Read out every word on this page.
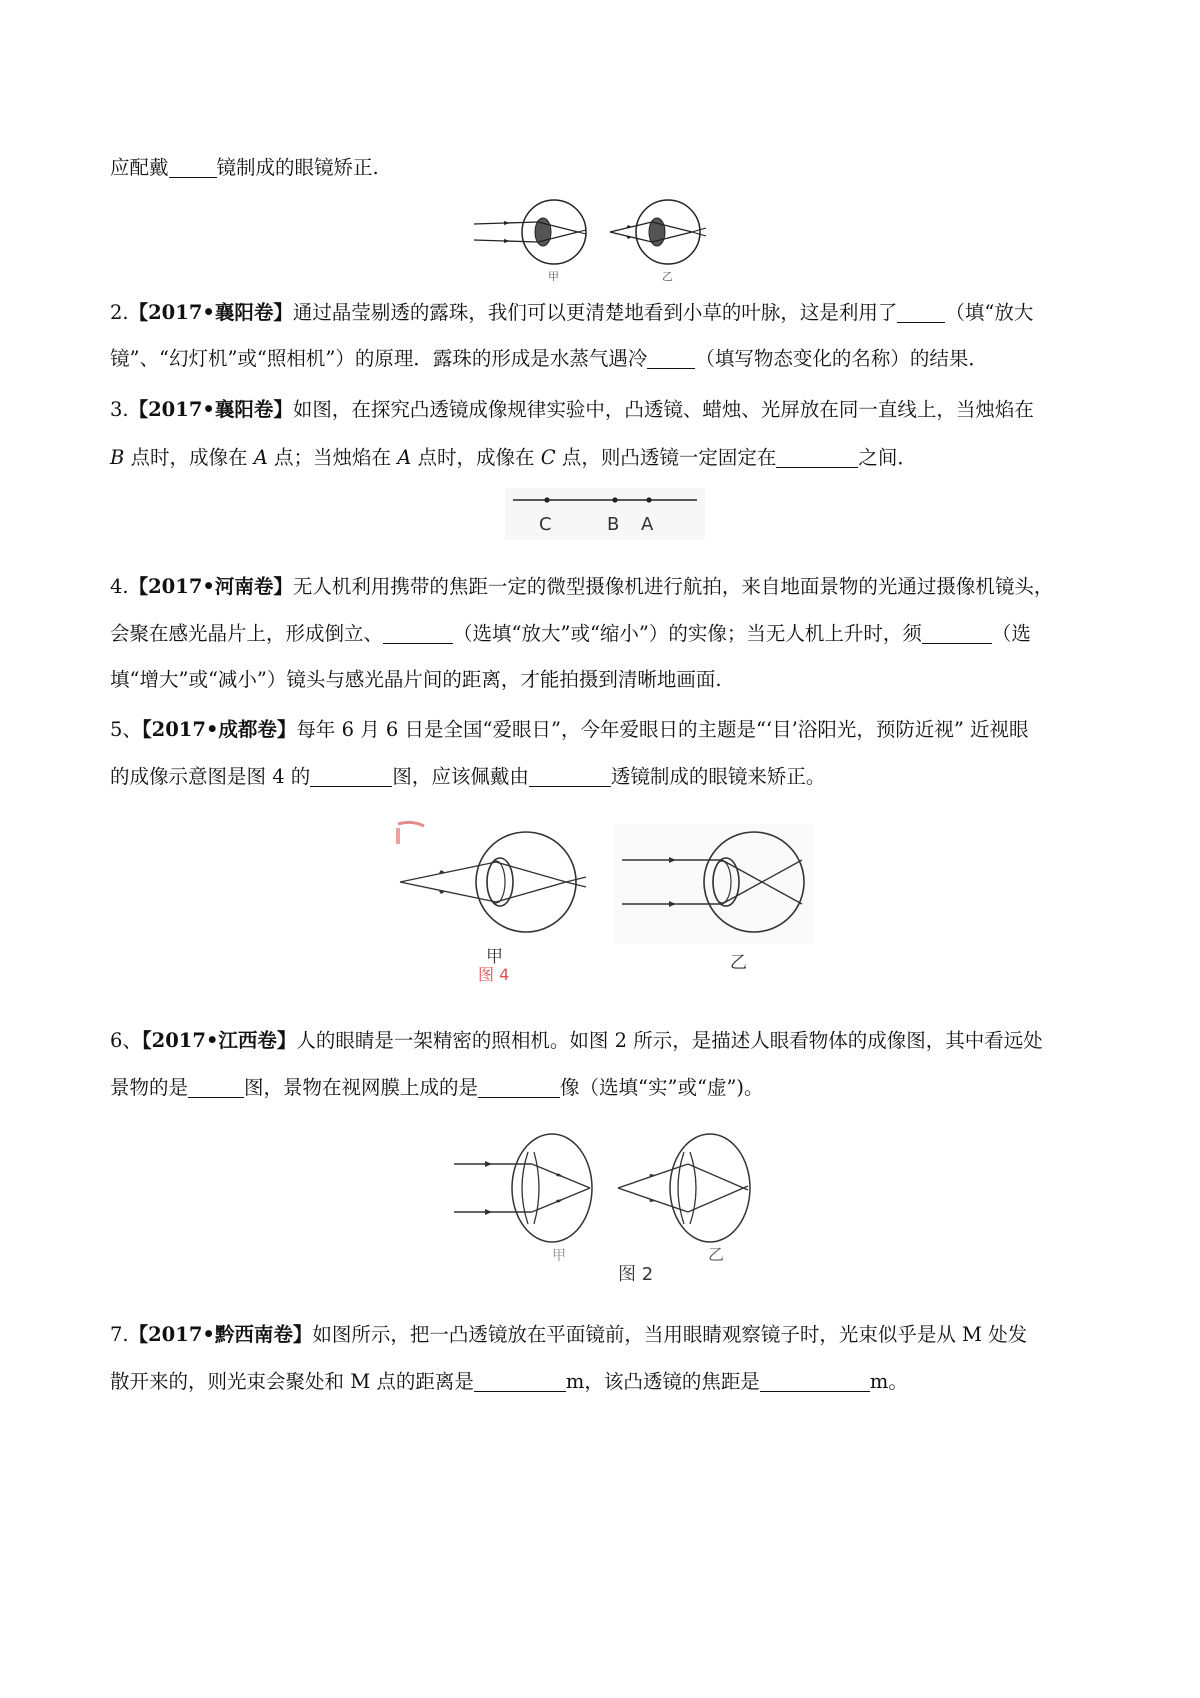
应配戴 镜制成的眼镜矫正.
甲	乙
2.【2017•襄阳卷】通过晶莹剔透的露珠，我们可以更清楚地看到小草的叶脉，这是利用了 （填“放大
镜”、“幻灯机”或“照相机”）的原理．露珠的形成是水蒸气遇冷 （填写物态变化的名称）的结果．
3.【2017•襄阳卷】如图，在探究凸透镜成像规律实验中，凸透镜、蜡烛、光屏放在同一直线上，当烛焰在
B 点时，成像在 A 点；当烛焰在 A 点时，成像在 C 点，则凸透镜一定固定在	之间．
C	B A
4.【2017•河南卷】无人机利用携带的焦距一定的微型摄像机进行航拍，来自地面景物的光通过摄像机镜头，
会聚在感光晶片上，形成倒立、	（选填“放大”或“缩小”）的实像；当无人机上升时，须	（选
填“增大”或“减小”）镜头与感光晶片间的距离，才能拍摄到清晰地画面.
5、【2017•成都卷】每年 6 月 6 日是全国“爱眼日”，今年爱眼日的主题是“‘目’浴阳光，预防近视” 近视眼
的成像示意图是图 4 的	图，应该佩戴由	透镜制成的眼镜来矫正。
甲
图 4
乙
6、【2017•江西卷】人的眼睛是一架精密的照相机。如图 2 所示，是描述人眼看物体的成像图，其中看远处
景物的是	图，景物在视网膜上成的是	像（选填“实”或“虚”)。
甲	乙
图 2
7.【2017•黔西南卷】如图所示，把一凸透镜放在平面镜前，当用眼睛观察镜子时，光束似乎是从 M 处发
散开来的，则光束会聚处和 M 点的距离是	m，该凸透镜的焦距是	m。
